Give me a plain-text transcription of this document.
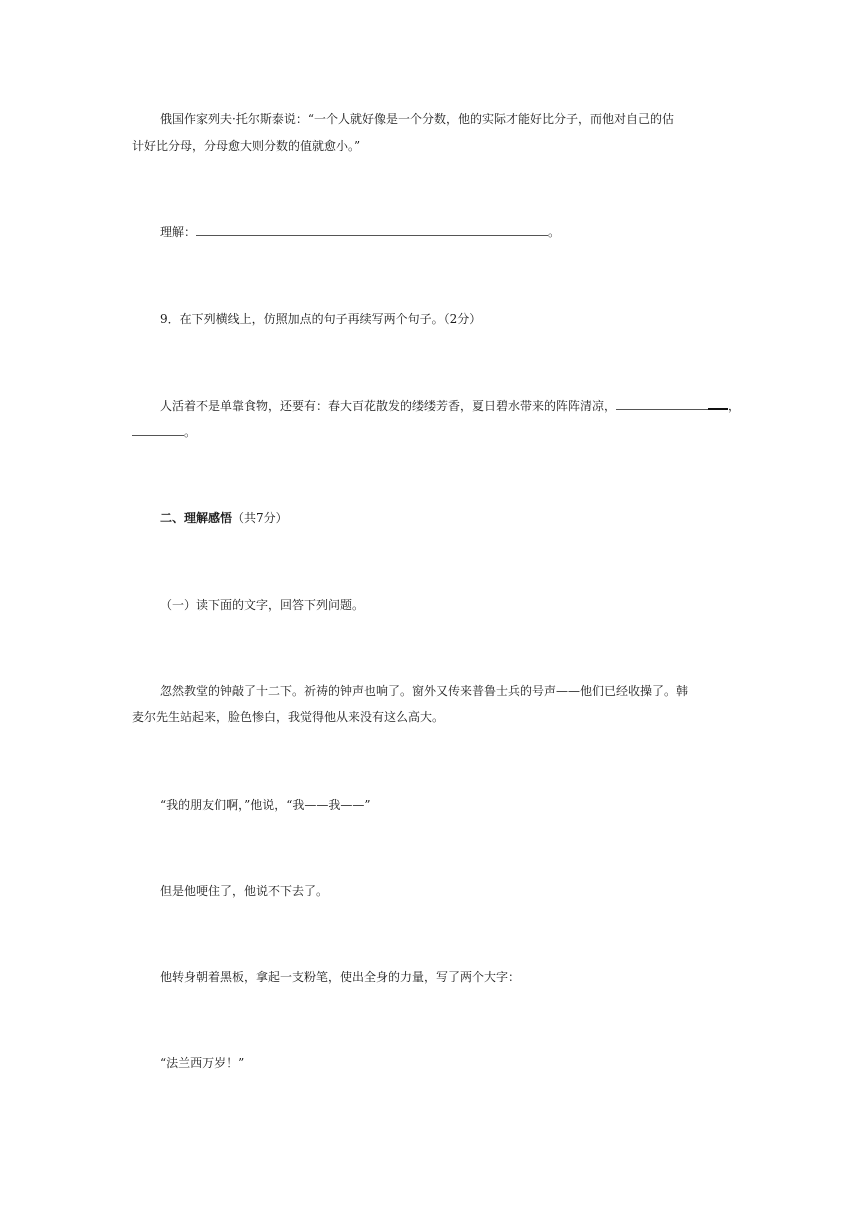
俄国作家列夫·托尔斯泰说：“一个人就好像是一个分数，他的实际才能好比分子，而他对自己的估

计好比分母，分母愈大则分数的值就愈小。”

理解：	。

9．在下列横线上，仿照加点的句子再续写两个句子。（2分）

人活着不是单靠食物，还要有：春大百花散发的缕缕芳香，夏日碧水带来的阵阵清凉，	，

。

二、理解感悟（共7分）

（一）读下面的文字，回答下列问题。

忽然教堂的钟敲了十二下。祈祷的钟声也响了。窗外又传来普鲁士兵的号声——他们已经收操了。韩

麦尔先生站起来，脸色惨白，我觉得他从来没有这么高大。

“我的朋友们啊，”他说，“我——我——”

但是他哽住了，他说不下去了。

他转身朝着黑板，拿起一支粉笔，使出全身的力量，写了两个大字：

“法兰西万岁！”
